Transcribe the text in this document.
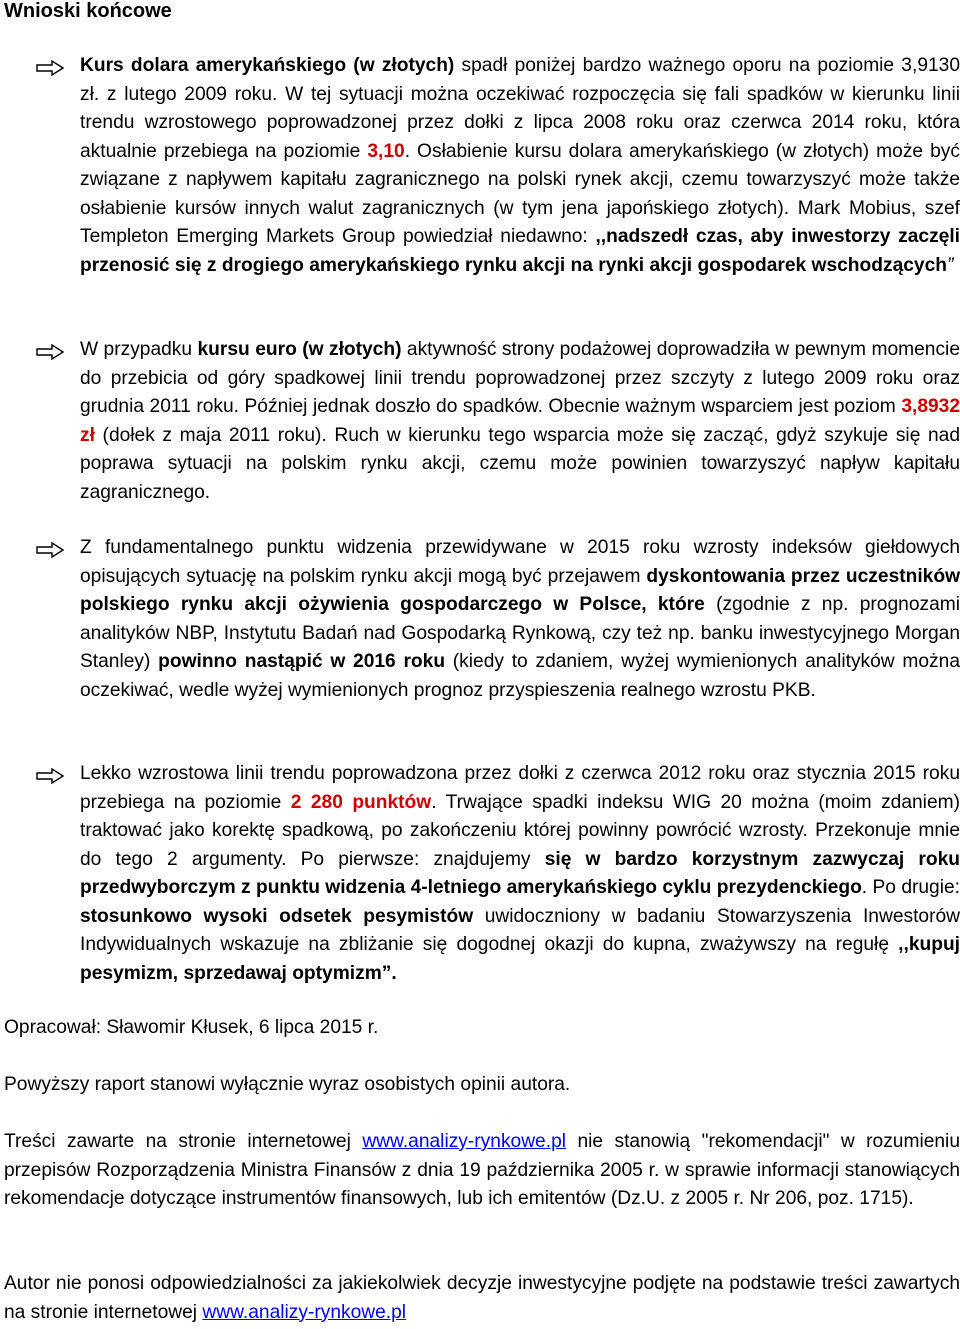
Wnioski końcowe
Kurs dolara amerykańskiego (w złotych) spadł poniżej bardzo ważnego oporu na poziomie 3,9130 zł. z lutego 2009 roku. W tej sytuacji można oczekiwać rozpoczęcia się fali spadków w kierunku linii trendu wzrostowego poprowadzonej przez dołki z lipca 2008 roku oraz czerwca 2014 roku, która aktualnie przebiega na poziomie 3,10. Osłabienie kursu dolara amerykańskiego (w złotych) może być związane z napływem kapitału zagranicznego na polski rynek akcji, czemu towarzyszyć może także osłabienie kursów innych walut zagranicznych (w tym jena japońskiego złotych). Mark Mobius, szef Templeton Emerging Markets Group powiedział niedawno: ,,nadszedł czas, aby inwestorzy zaczęli przenosić się z drogiego amerykańskiego rynku akcji na rynki akcji gospodarek wschodzących”
W przypadku kursu euro (w złotych) aktywność strony podażowej doprowadziła w pewnym momencie do przebicia od góry spadkowej linii trendu poprowadzonej przez szczyty z lutego 2009 roku oraz grudnia 2011 roku. Później jednak doszło do spadków. Obecnie ważnym wsparciem jest poziom 3,8932 zł (dołek z maja 2011 roku). Ruch w kierunku tego wsparcia może się zacząć, gdyż szykuje się nad poprawa sytuacji na polskim rynku akcji, czemu może powinien towarzyszyć napływ kapitału zagranicznego.
Z fundamentalnego punktu widzenia przewidywane w 2015 roku wzrosty indeksów giełdowych opisujących sytuację na polskim rynku akcji mogą być przejawem dyskontowania przez uczestników polskiego rynku akcji ożywienia gospodarczego w Polsce, które (zgodnie z np. prognozami analityków NBP, Instytutu Badań nad Gospodarką Rynkową, czy też np. banku inwestycyjnego Morgan Stanley) powinno nastąpić w 2016 roku (kiedy to zdaniem, wyżej wymienionych analityków można oczekiwać, wedle wyżej wymienionych prognoz przyspieszenia realnego wzrostu PKB.
Lekko wzrostowa linii trendu poprowadzona przez dołki z czerwca 2012 roku oraz stycznia 2015 roku przebiega na poziomie 2 280 punktów. Trwające spadki indeksu WIG 20 można (moim zdaniem) traktować jako korektę spadkową, po zakończeniu której powinny powrócić wzrosty. Przekonuje mnie do tego 2 argumenty. Po pierwsze: znajdujemy się w bardzo korzystnym zazwyczaj roku przedwyborczym z punktu widzenia 4-letniego amerykańskiego cyklu prezydenckiego. Po drugie: stosunkowo wysoki odsetek pesymistów uwidoczniony w badaniu Stowarzyszenia Inwestorów Indywidualnych wskazuje na zbliżanie się dogodnej okazji do kupna, zważywszy na regułę ,,kupuj pesymizm, sprzedawaj optymizm”.
Opracował: Sławomir Kłusek, 6 lipca 2015 r.
Powyższy raport stanowi wyłącznie wyraz osobistych opinii autora.
Treści zawarte na stronie internetowej www.analizy-rynkowe.pl nie stanowią "rekomendacji" w rozumieniu przepisów Rozporządzenia Ministra Finansów z dnia 19 października 2005 r. w sprawie informacji stanowiących rekomendacje dotyczące instrumentów finansowych, lub ich emitentów (Dz.U. z 2005 r. Nr 206, poz. 1715).
Autor nie ponosi odpowiedzialności za jakiekolwiek decyzje inwestycyjne podjęte na podstawie treści zawartych na stronie internetowej www.analizy-rynkowe.pl
